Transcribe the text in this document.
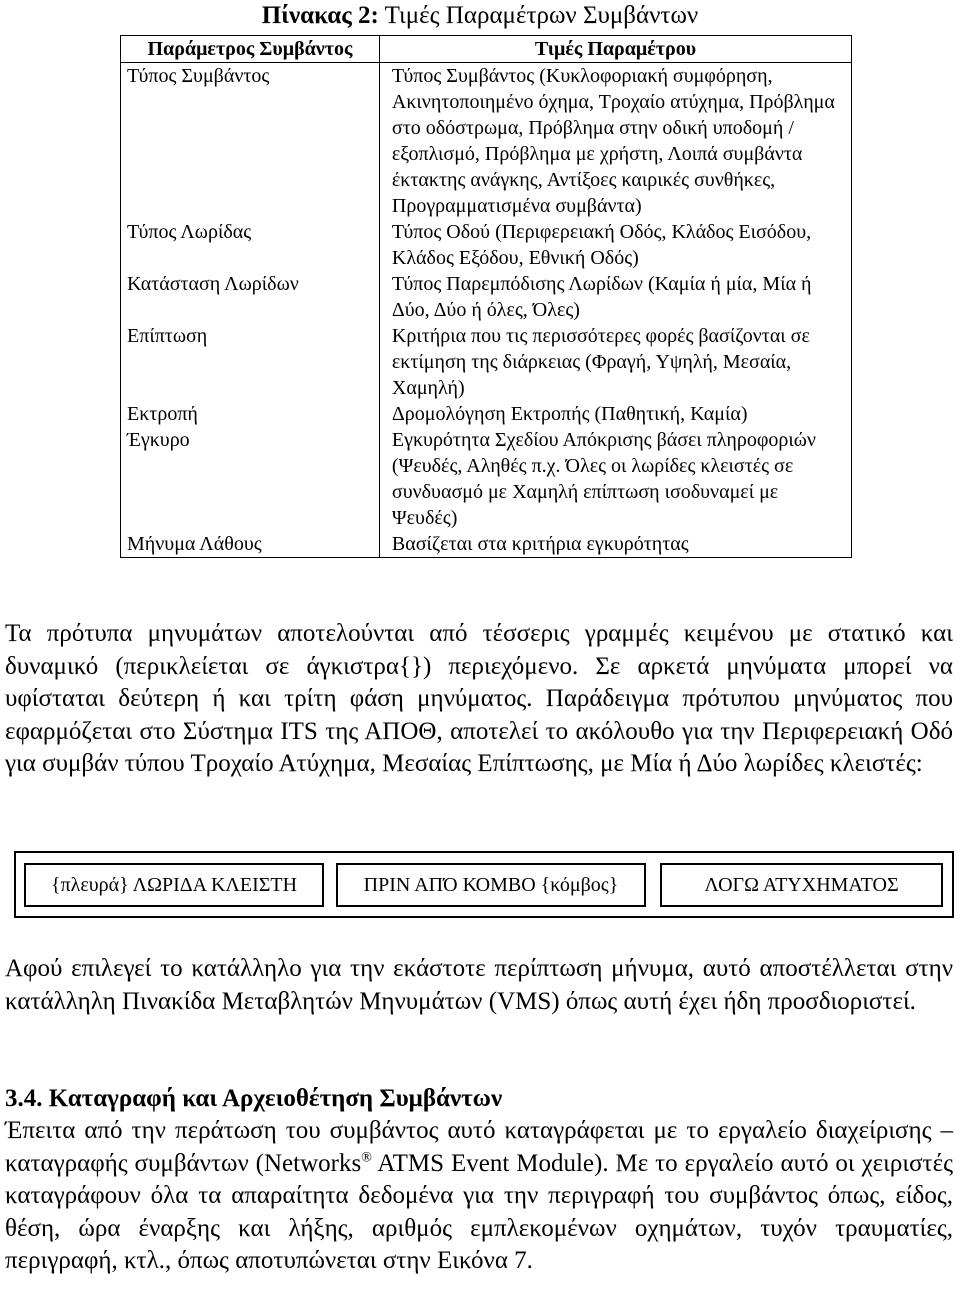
Πίνακας 2: Τιμές Παραμέτρων Συμβάντων
Παράμετρος Συμβάντος	Τιμές Παραμέτρου
Τύπος Συμβάντος	Τύπος Συμβάντος (Κυκλοφοριακή συμφόρηση, Ακινητοποιημένο όχημα, Τροχαίο ατύχημα, Πρόβλημα στο οδόστρωμα, Πρόβλημα στην οδική υποδομή / εξοπλισμό, Πρόβλημα με χρήστη, Λοιπά συμβάντα έκτακτης ανάγκης, Αντίξοες καιρικές συνθήκες, Προγραμματισμένα συμβάντα)
Τύπος Λωρίδας	Τύπος Οδού (Περιφερειακή Οδός, Κλάδος Εισόδου, Κλάδος Εξόδου, Εθνική Οδός)
Κατάσταση Λωρίδων	Τύπος Παρεμπόδισης Λωρίδων (Καμία ή μία, Μία ή Δύο, Δύο ή όλες, Όλες)
Επίπτωση	Κριτήρια που τις περισσότερες φορές βασίζονται σε εκτίμηση της διάρκειας (Φραγή, Υψηλή, Μεσαία, Χαμηλή)
Εκτροπή	Δρομολόγηση Εκτροπής (Παθητική, Καμία)
Έγκυρο	Εγκυρότητα Σχεδίου Απόκρισης βάσει πληροφοριών (Ψευδές, Αληθές π.χ. Όλες οι λωρίδες κλειστές σε συνδυασμό με Χαμηλή επίπτωση ισοδυναμεί με Ψευδές)
Μήνυμα Λάθους	Βασίζεται στα κριτήρια εγκυρότητας

Τα πρότυπα μηνυμάτων αποτελούνται από τέσσερις γραμμές κειμένου με στατικό και δυναμικό (περικλείεται σε άγκιστρα{}) περιεχόμενο. Σε αρκετά μηνύματα μπορεί να υφίσταται δεύτερη ή και τρίτη φάση μηνύματος. Παράδειγμα πρότυπου μηνύματος που εφαρμόζεται στο Σύστημα ITS της ΑΠΟΘ, αποτελεί το ακόλουθο για την Περιφερειακή Οδό για συμβάν τύπου Τροχαίο Ατύχημα, Μεσαίας Επίπτωσης, με Μία ή Δύο λωρίδες κλειστές:

{πλευρά} ΛΩΡΙΔΑ ΚΛΕΙΣΤΗ	ΠΡΙΝ ΑΠΌ ΚΟΜΒΟ {κόμβος}	ΛΟΓΩ ΑΤΥΧΗΜΑΤΟΣ

Αφού επιλεγεί το κατάλληλο για την εκάστοτε περίπτωση μήνυμα, αυτό αποστέλλεται στην κατάλληλη Πινακίδα Μεταβλητών Μηνυμάτων (VMS) όπως αυτή έχει ήδη προσδιοριστεί.

3.4. Καταγραφή και Αρχειοθέτηση Συμβάντων

Έπειτα από την περάτωση του συμβάντος αυτό καταγράφεται με το εργαλείο διαχείρισης – καταγραφής συμβάντων (Networks® ATMS Event Module). Με το εργαλείο αυτό οι χειριστές καταγράφουν όλα τα απαραίτητα δεδομένα για την περιγραφή του συμβάντος όπως, είδος, θέση, ώρα έναρξης και λήξης, αριθμός εμπλεκομένων οχημάτων, τυχόν τραυματίες, περιγραφή, κτλ., όπως αποτυπώνεται στην Εικόνα 7.
